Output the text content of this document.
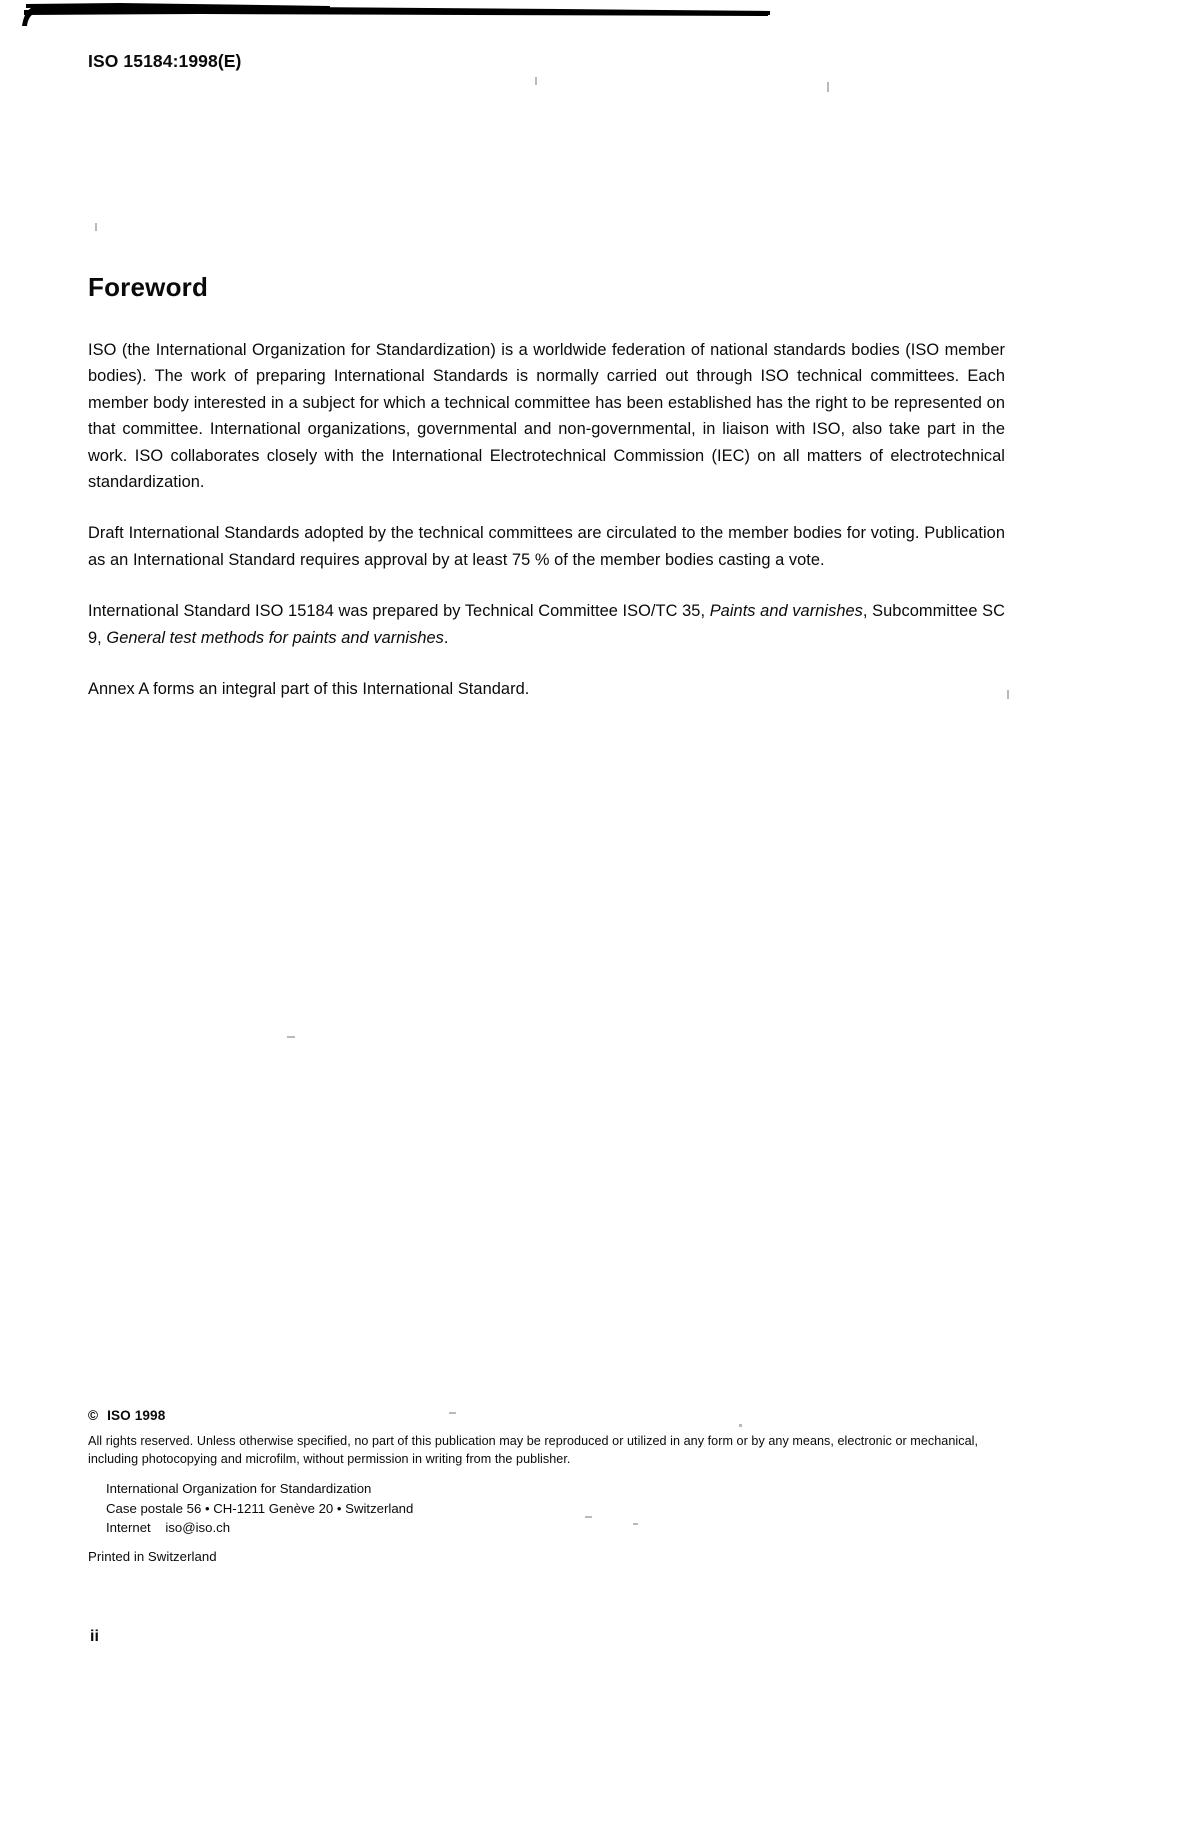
ISO 15184:1998(E)
Foreword

ISO (the International Organization for Standardization) is a worldwide federation of national standards bodies (ISO member bodies). The work of preparing International Standards is normally carried out through ISO technical committees. Each member body interested in a subject for which a technical committee has been established has the right to be represented on that committee. International organizations, governmental and non-governmental, in liaison with ISO, also take part in the work. ISO collaborates closely with the International Electrotechnical Commission (IEC) on all matters of electrotechnical standardization.

Draft International Standards adopted by the technical committees are circulated to the member bodies for voting. Publication as an International Standard requires approval by at least 75 % of the member bodies casting a vote.

International Standard ISO 15184 was prepared by Technical Committee ISO/TC 35, Paints and varnishes, Subcommittee SC 9, General test methods for paints and varnishes.

Annex A forms an integral part of this International Standard.

© ISO 1998

All rights reserved. Unless otherwise specified, no part of this publication may be reproduced or utilized in any form or by any means, electronic or mechanical, including photocopying and microfilm, without permission in writing from the publisher.

International Organization for Standardization
Case postale 56 • CH-1211 Genève 20 • Switzerland
Internet    iso@iso.ch

Printed in Switzerland

ii
